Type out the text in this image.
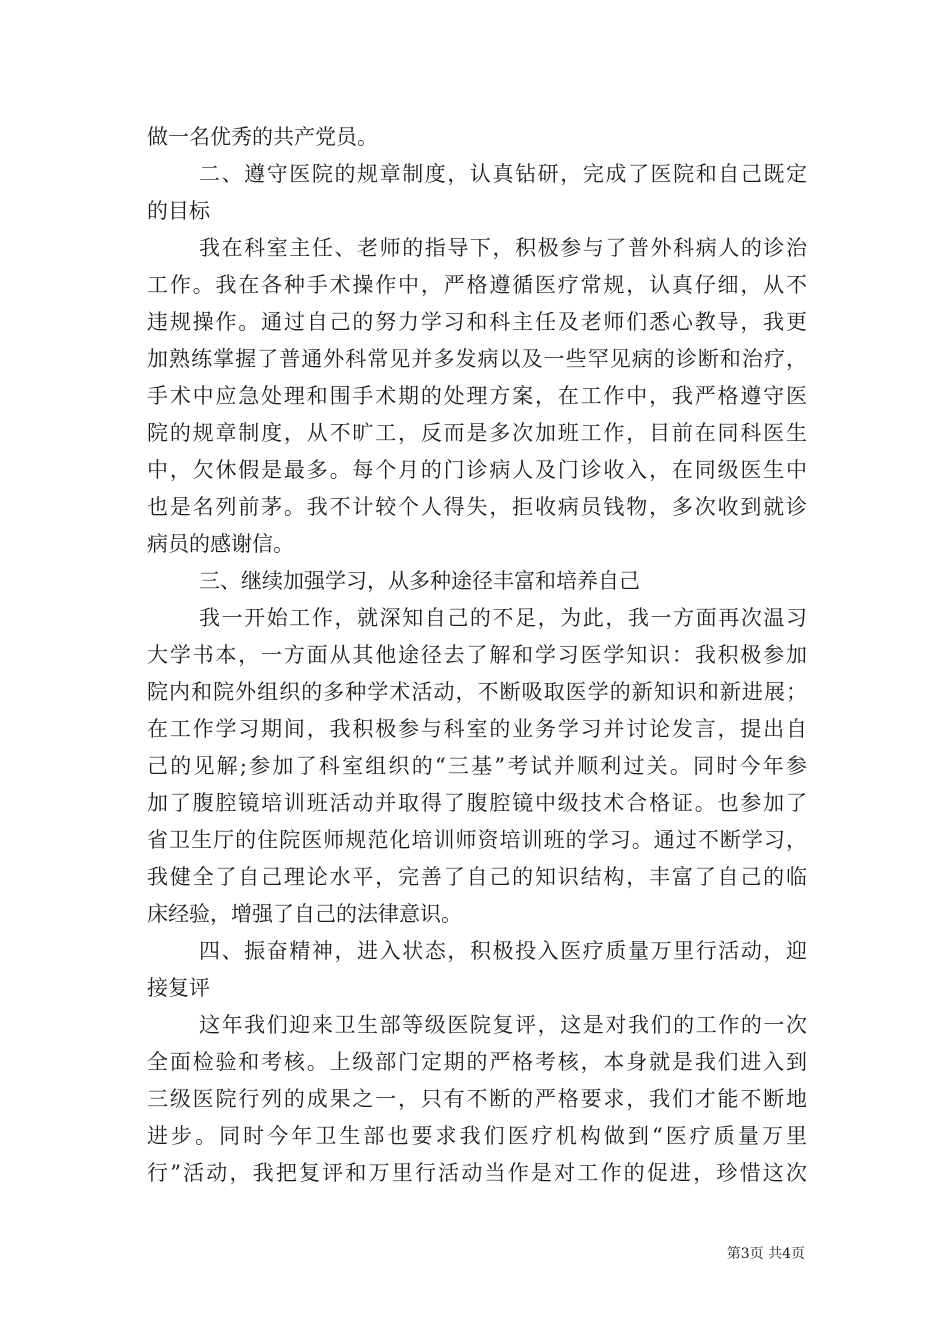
做一名优秀的共产党员。
二、遵守医院的规章制度，认真钻研，完成了医院和自己既定
的目标
我在科室主任、老师的指导下，积极参与了普外科病人的诊治
工作。我在各种手术操作中，严格遵循医疗常规，认真仔细，从不
违规操作。通过自己的努力学习和科主任及老师们悉心教导，我更
加熟练掌握了普通外科常见并多发病以及一些罕见病的诊断和治疗，
手术中应急处理和围手术期的处理方案，在工作中，我严格遵守医
院的规章制度，从不旷工，反而是多次加班工作，目前在同科医生
中，欠休假是最多。每个月的门诊病人及门诊收入，在同级医生中
也是名列前茅。我不计较个人得失，拒收病员钱物，多次收到就诊
病员的感谢信。
三、继续加强学习，从多种途径丰富和培养自己
我一开始工作，就深知自己的不足，为此，我一方面再次温习
大学书本，一方面从其他途径去了解和学习医学知识：我积极参加
院内和院外组织的多种学术活动，不断吸取医学的新知识和新进展；
在工作学习期间，我积极参与科室的业务学习并讨论发言，提出自
己的见解;参加了科室组织的“三基”考试并顺利过关。同时今年参
加了腹腔镜培训班活动并取得了腹腔镜中级技术合格证。也参加了
省卫生厅的住院医师规范化培训师资培训班的学习。通过不断学习，
我健全了自己理论水平，完善了自己的知识结构，丰富了自己的临
床经验，增强了自己的法律意识。
四、振奋精神，进入状态，积极投入医疗质量万里行活动，迎
接复评
这年我们迎来卫生部等级医院复评，这是对我们的工作的一次
全面检验和考核。上级部门定期的严格考核，本身就是我们进入到
三级医院行列的成果之一，只有不断的严格要求，我们才能不断地
进步。同时今年卫生部也要求我们医疗机构做到“医疗质量万里
行”活动，我把复评和万里行活动当作是对工作的促进，珍惜这次
第3页 共4页
